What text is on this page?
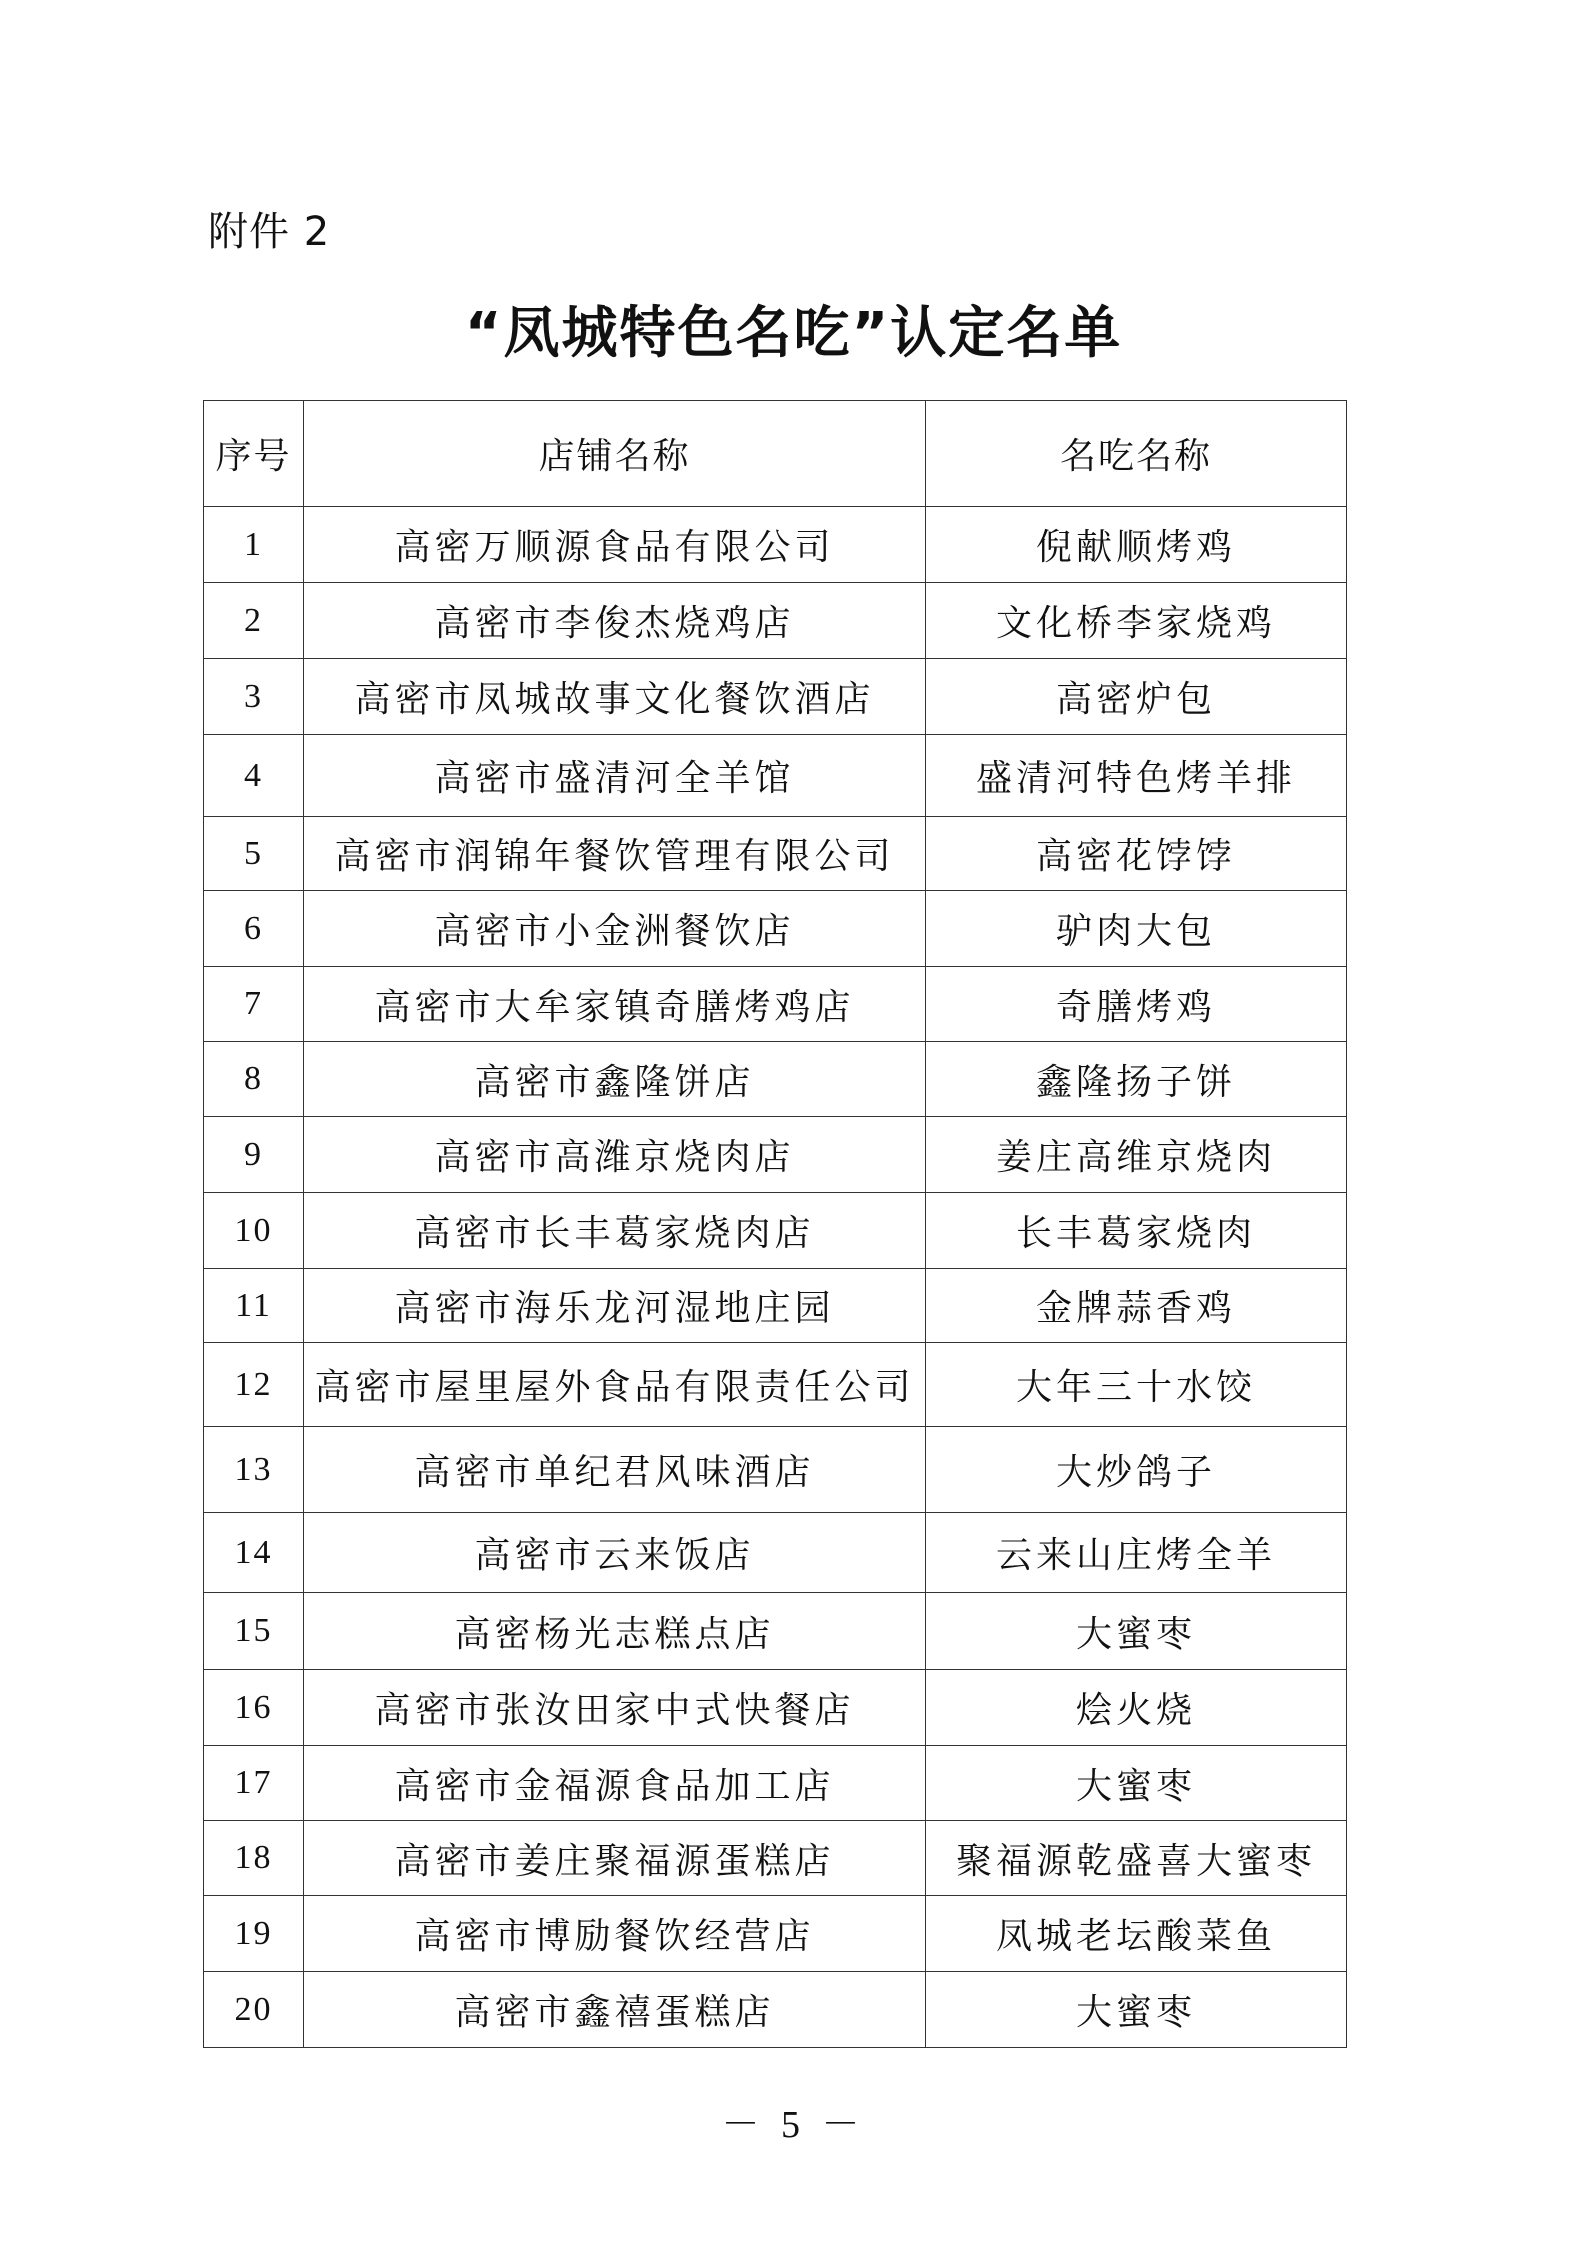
附件 2
“凤城特色名吃”认定名单
序号	店铺名称	名吃名称
1	高密万顺源食品有限公司	倪献顺烤鸡
2	高密市李俊杰烧鸡店	文化桥李家烧鸡
3	高密市凤城故事文化餐饮酒店	高密炉包
4	高密市盛清河全羊馆	盛清河特色烤羊排
5	高密市润锦年餐饮管理有限公司	高密花饽饽
6	高密市小金洲餐饮店	驴肉大包
7	高密市大牟家镇奇膳烤鸡店	奇膳烤鸡
8	高密市鑫隆饼店	鑫隆扬子饼
9	高密市高潍京烧肉店	姜庄高维京烧肉
10	高密市长丰葛家烧肉店	长丰葛家烧肉
11	高密市海乐龙河湿地庄园	金牌蒜香鸡
12	高密市屋里屋外食品有限责任公司	大年三十水饺
13	高密市单纪君风味酒店	大炒鸽子
14	高密市云来饭店	云来山庄烤全羊
15	高密杨光志糕点店	大蜜枣
16	高密市张汝田家中式快餐店	烩火烧
17	高密市金福源食品加工店	大蜜枣
18	高密市姜庄聚福源蛋糕店	聚福源乾盛喜大蜜枣
19	高密市博励餐饮经营店	凤城老坛酸菜鱼
20	高密市鑫禧蛋糕店	大蜜枣
－ 5 －
